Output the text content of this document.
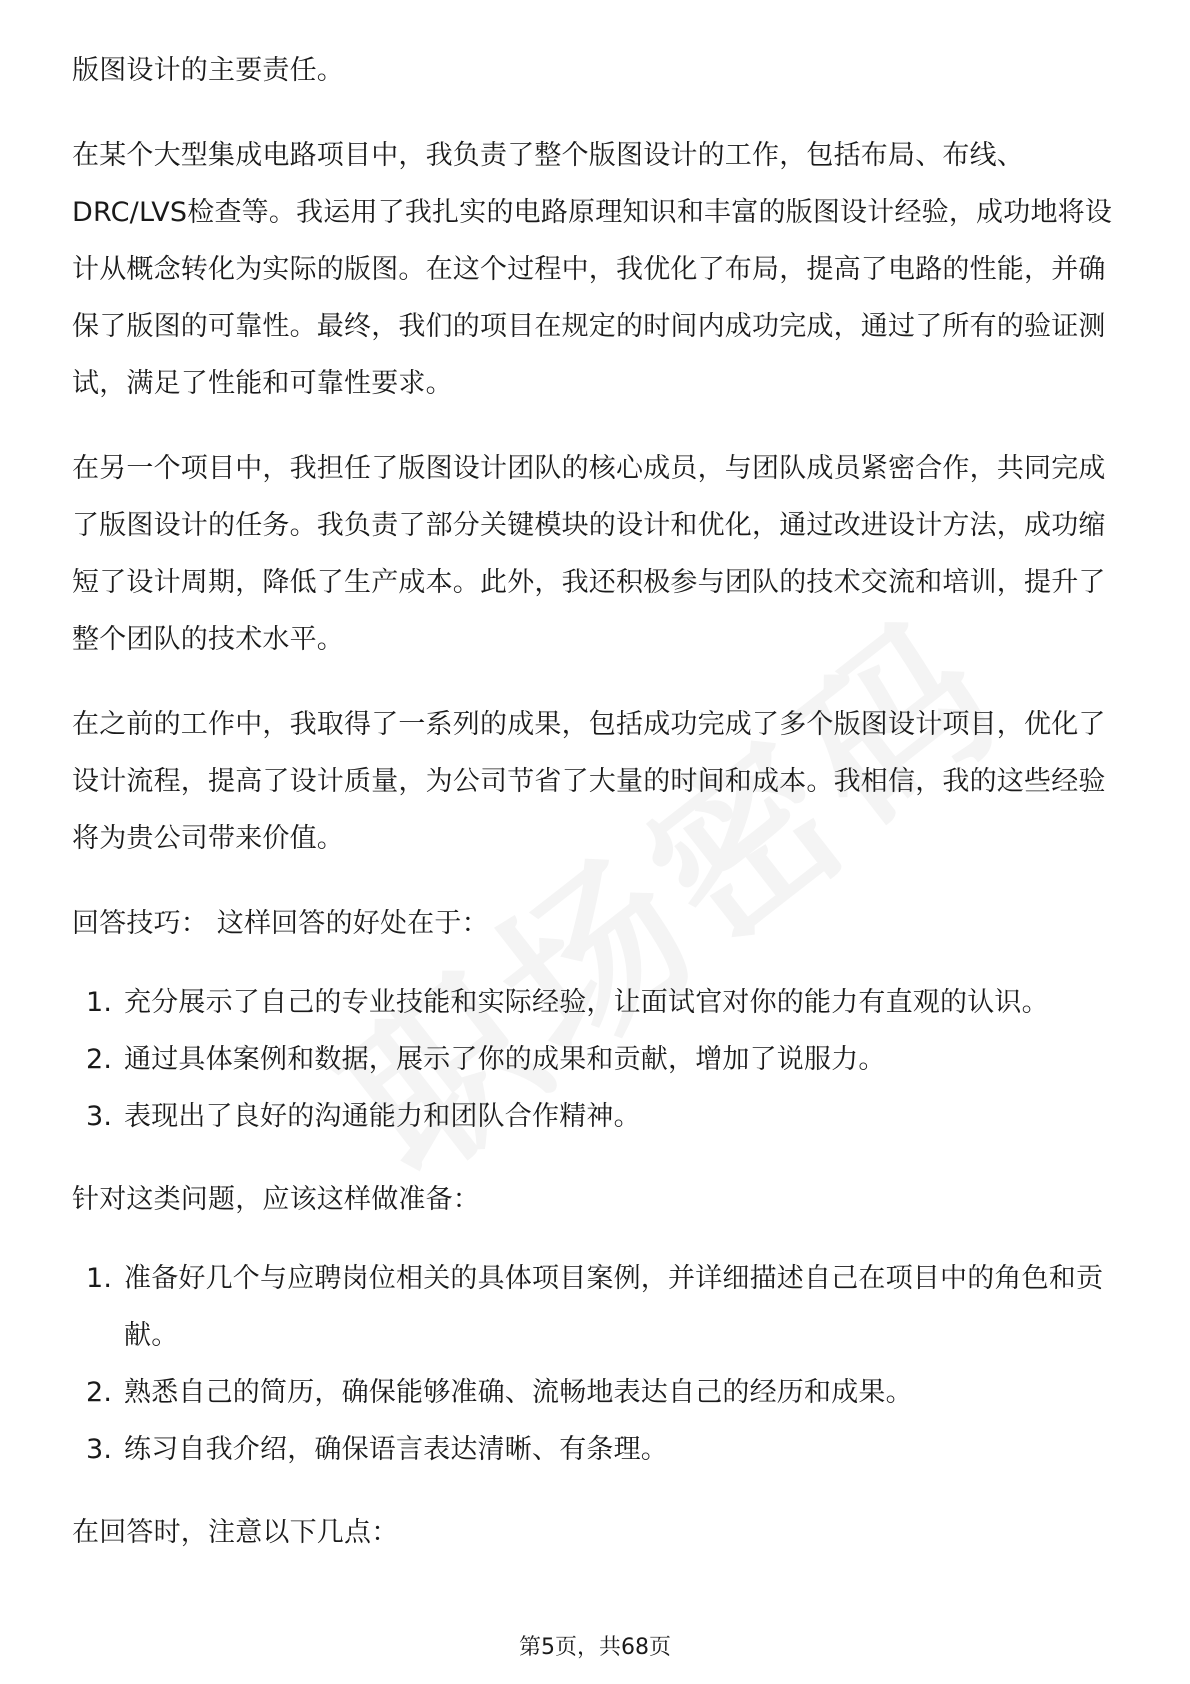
版图设计的主要责任。

在某个大型集成电路项目中，我负责了整个版图设计的工作，包括布局、布线、DRC/LVS检查等。我运用了我扎实的电路原理知识和丰富的版图设计经验，成功地将设计从概念转化为实际的版图。在这个过程中，我优化了布局，提高了电路的性能，并确保了版图的可靠性。最终，我们的项目在规定的时间内成功完成，通过了所有的验证测试，满足了性能和可靠性要求。

在另一个项目中，我担任了版图设计团队的核心成员，与团队成员紧密合作，共同完成了版图设计的任务。我负责了部分关键模块的设计和优化，通过改进设计方法，成功缩短了设计周期，降低了生产成本。此外，我还积极参与团队的技术交流和培训，提升了整个团队的技术水平。

在之前的工作中，我取得了一系列的成果，包括成功完成了多个版图设计项目，优化了设计流程，提高了设计质量，为公司节省了大量的时间和成本。我相信，我的这些经验将为贵公司带来价值。

回答技巧： 这样回答的好处在于：

1. 充分展示了自己的专业技能和实际经验，让面试官对你的能力有直观的认识。
2. 通过具体案例和数据，展示了你的成果和贡献，增加了说服力。
3. 表现出了良好的沟通能力和团队合作精神。

针对这类问题，应该这样做准备：

1. 准备好几个与应聘岗位相关的具体项目案例，并详细描述自己在项目中的角色和贡献。
2. 熟悉自己的简历，确保能够准确、流畅地表达自己的经历和成果。
3. 练习自我介绍，确保语言表达清晰、有条理。

在回答时，注意以下几点：

第5页，共68页
